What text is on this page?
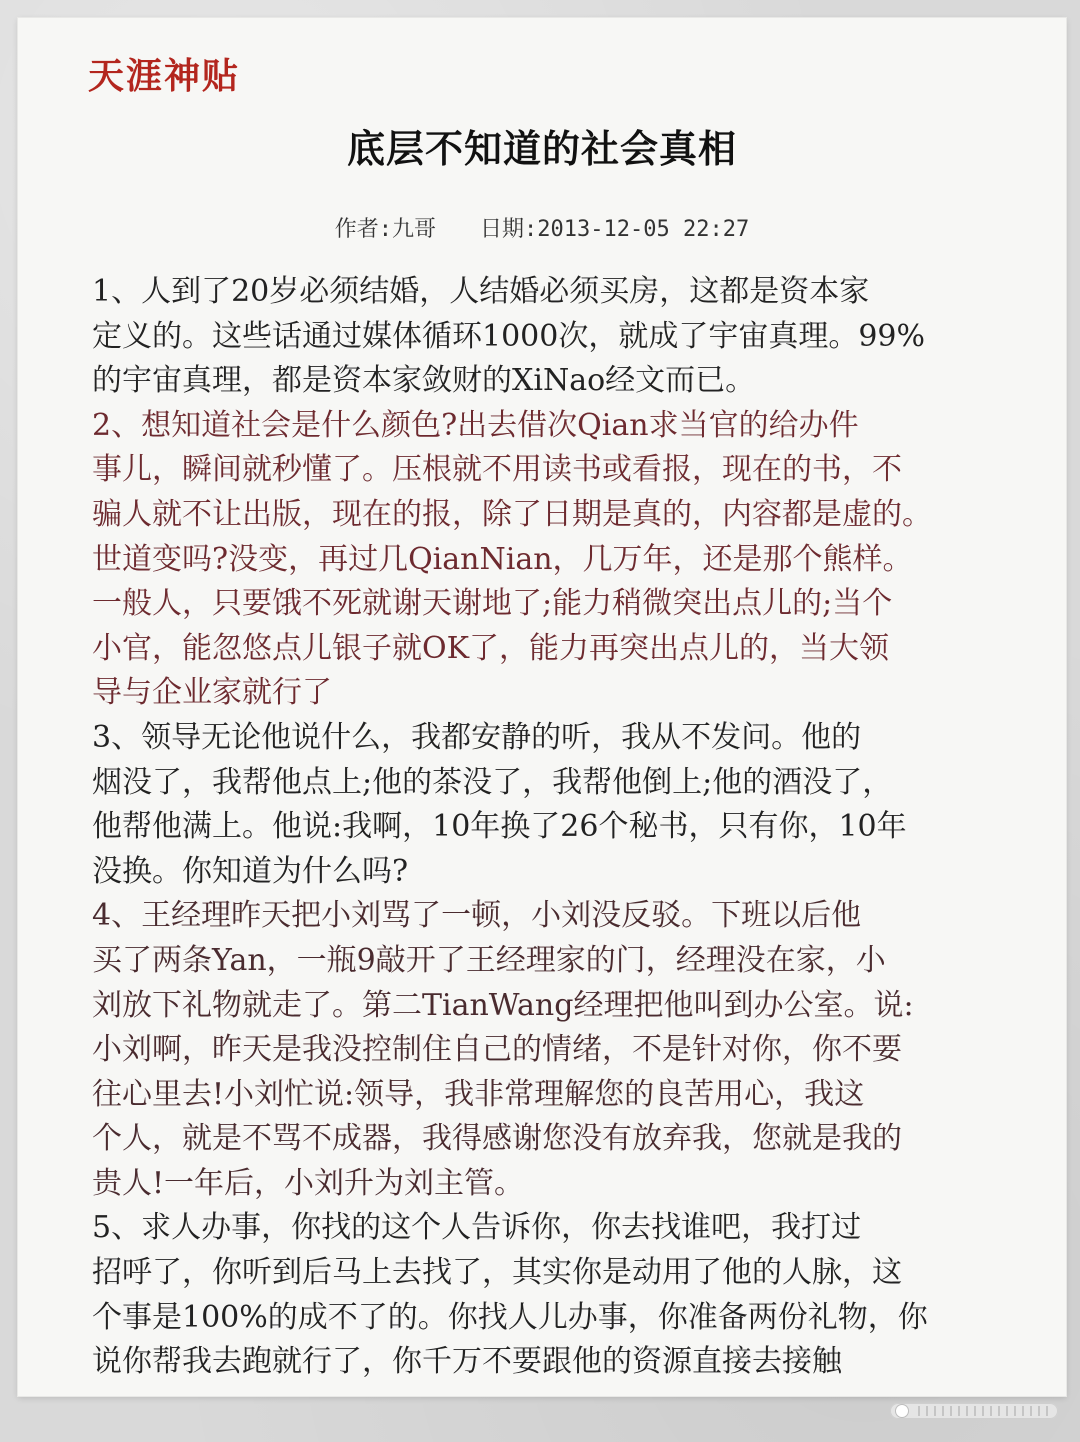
天涯神贴
底层不知道的社会真相
作者:九哥 日期:2013-12-05 22:27

1、人到了20岁必须结婚，人结婚必须买房，这都是资本家
定义的。这些话通过媒体循环1000次，就成了宇宙真理。99%
的宇宙真理，都是资本家敛财的XiNao经文而已。

2、想知道社会是什么颜色?出去借次Qian求当官的给办件
事儿，瞬间就秒懂了。压根就不用读书或看报，现在的书，不
骗人就不让出版，现在的报，除了日期是真的，内容都是虚的。
世道变吗?没变，再过几QianNian，几万年，还是那个熊样。
一般人，只要饿不死就谢天谢地了;能力稍微突出点儿的;当个
小官，能忽悠点儿银子就OK了，能力再突出点儿的，当大领
导与企业家就行了

3、领导无论他说什么，我都安静的听，我从不发问。他的
烟没了，我帮他点上;他的茶没了，我帮他倒上;他的酒没了，
他帮他满上。他说:我啊，10年换了26个秘书，只有你，10年
没换。你知道为什么吗?

4、王经理昨天把小刘骂了一顿，小刘没反驳。下班以后他
买了两条Yan，一瓶9敲开了王经理家的门，经理没在家，小
刘放下礼物就走了。第二TianWang经理把他叫到办公室。说:
小刘啊，昨天是我没控制住自己的情绪，不是针对你，你不要
往心里去!小刘忙说:领导，我非常理解您的良苦用心，我这
个人，就是不骂不成器，我得感谢您没有放弃我，您就是我的
贵人!一年后，小刘升为刘主管。

5、求人办事，你找的这个人告诉你，你去找谁吧，我打过
招呼了，你听到后马上去找了，其实你是动用了他的人脉，这
个事是100%的成不了的。你找人儿办事，你准备两份礼物，你
说你帮我去跑就行了，你千万不要跟他的资源直接去接触
